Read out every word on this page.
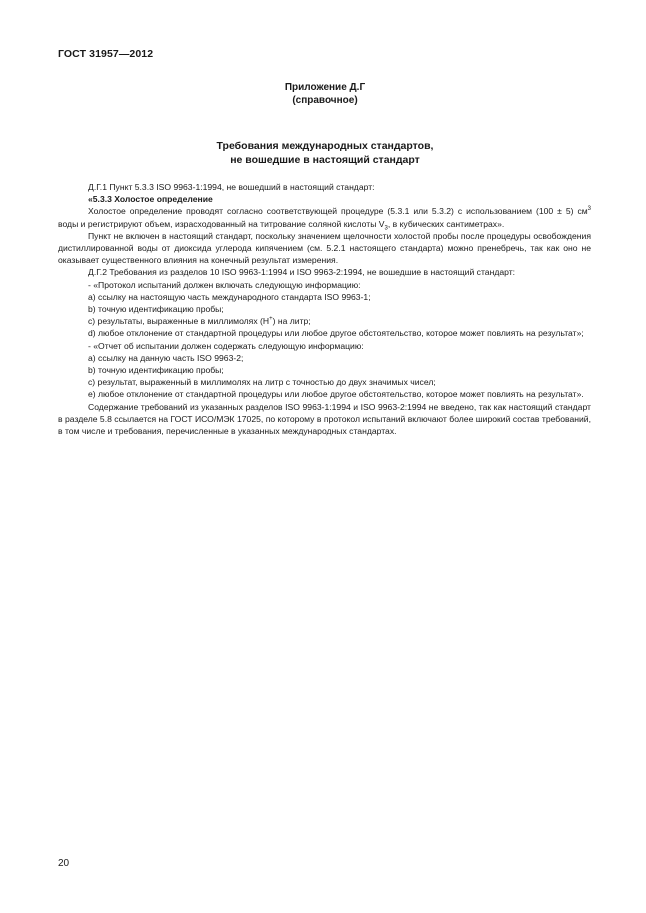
ГОСТ 31957—2012
Приложение Д.Г
(справочное)
Требования международных стандартов,
не вошедшие в настоящий стандарт

Д.Г.1 Пункт 5.3.3 ISO 9963-1:1994, не вошедший в настоящий стандарт:

«5.3.3 Холостое определение

Холостое определение проводят согласно соответствующей процедуре (5.3.1 или 5.3.2) с использованием (100 ± 5) $см^3$ воды и регистрируют объем, израсходованный на титрование соляной кислоты $V_3$, в кубических сантиметрах».

Пункт не включен в настоящий стандарт, поскольку значением щелочности холостой пробы после процедуры освобождения дистиллированной воды от диоксида углерода кипячением (см. 5.2.1 настоящего стандарта) можно пренебречь, так как оно не оказывает существенного влияния на конечный результат измерения.

Д.Г.2 Требования из разделов 10 ISO 9963-1:1994 и ISO 9963-2:1994, не вошедшие в настоящий стандарт:

- «Протокол испытаний должен включать следующую информацию:

a) ссылку на настоящую часть международного стандарта ISO 9963-1;

b) точную идентификацию пробы;

c) результаты, выраженные в миллимолях (H+) на литр;

d) любое отклонение от стандартной процедуры или любое другое обстоятельство, которое может повлиять на результат»;

- «Отчет об испытании должен содержать следующую информацию:

a) ссылку на данную часть ISO 9963-2;

b) точную идентификацию пробы;

c) результат, выраженный в миллимолях на литр с точностью до двух значимых чисел;

e) любое отклонение от стандартной процедуры или любое другое обстоятельство, которое может повлиять на результат».

Содержание требований из указанных разделов ISO 9963-1:1994 и ISO 9963-2:1994 не введено, так как настоящий стандарт в разделе 5.8 ссылается на ГОСТ ИСО/МЭК 17025, по которому в протокол испытаний включают более широкий состав требований, в том числе и требования, перечисленные в указанных международных стандартах.

20
